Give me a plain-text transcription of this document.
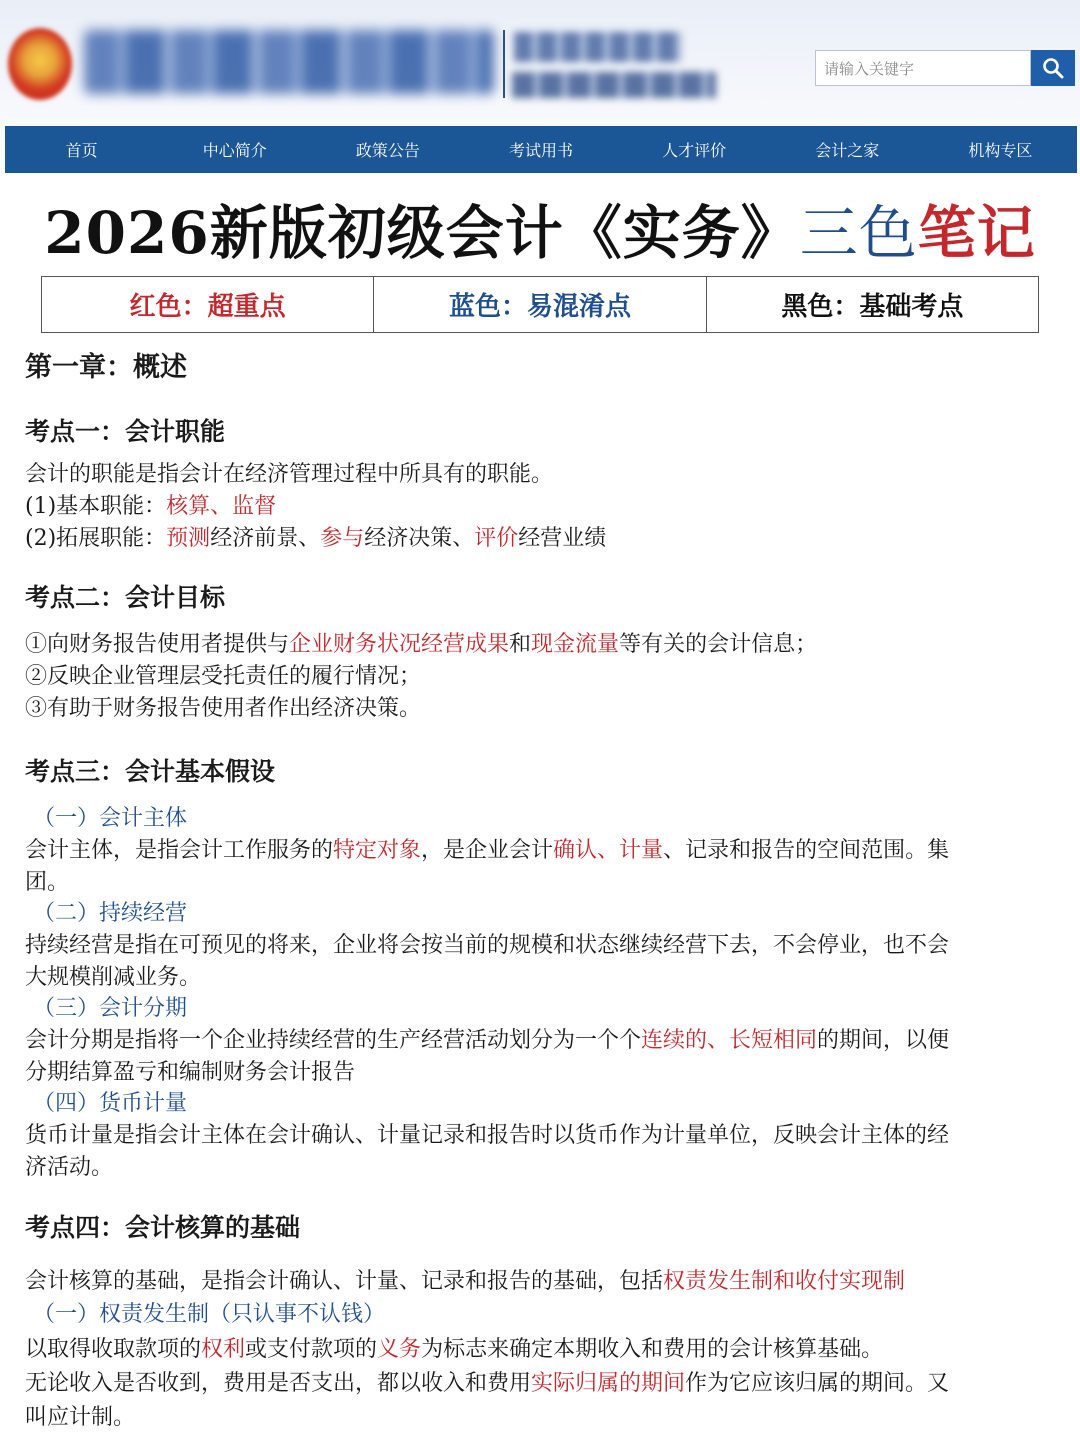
请输入关键字
首页	中心简介	政策公告	考试用书	人才评价	会计之家	机构专区
2026新版初级会计《实务》三色笔记
红色：超重点	蓝色：易混淆点	黑色：基础考点
第一章：概述
考点一：会计职能
会计的职能是指会计在经济管理过程中所具有的职能。
(1)基本职能：核算、监督
(2)拓展职能：预测经济前景、参与经济决策、评价经营业绩
考点二：会计目标
①向财务报告使用者提供与企业财务状况经营成果和现金流量等有关的会计信息；
②反映企业管理层受托责任的履行情况；
③有助于财务报告使用者作出经济决策。
考点三：会计基本假设
（一）会计主体
会计主体，是指会计工作服务的特定对象，是企业会计确认、计量、记录和报告的空间范围。集
团。
（二）持续经营
持续经营是指在可预见的将来，企业将会按当前的规模和状态继续经营下去，不会停业，也不会
大规模削减业务。
（三）会计分期
会计分期是指将一个企业持续经营的生产经营活动划分为一个个连续的、长短相同的期间，以便
分期结算盈亏和编制财务会计报告
（四）货币计量
货币计量是指会计主体在会计确认、计量记录和报告时以货币作为计量单位，反映会计主体的经
济活动。
考点四：会计核算的基础
会计核算的基础，是指会计确认、计量、记录和报告的基础，包括权责发生制和收付实现制
（一）权责发生制（只认事不认钱）
以取得收取款项的权利或支付款项的义务为标志来确定本期收入和费用的会计核算基础。
无论收入是否收到，费用是否支出，都以收入和费用实际归属的期间作为它应该归属的期间。又
叫应计制。
